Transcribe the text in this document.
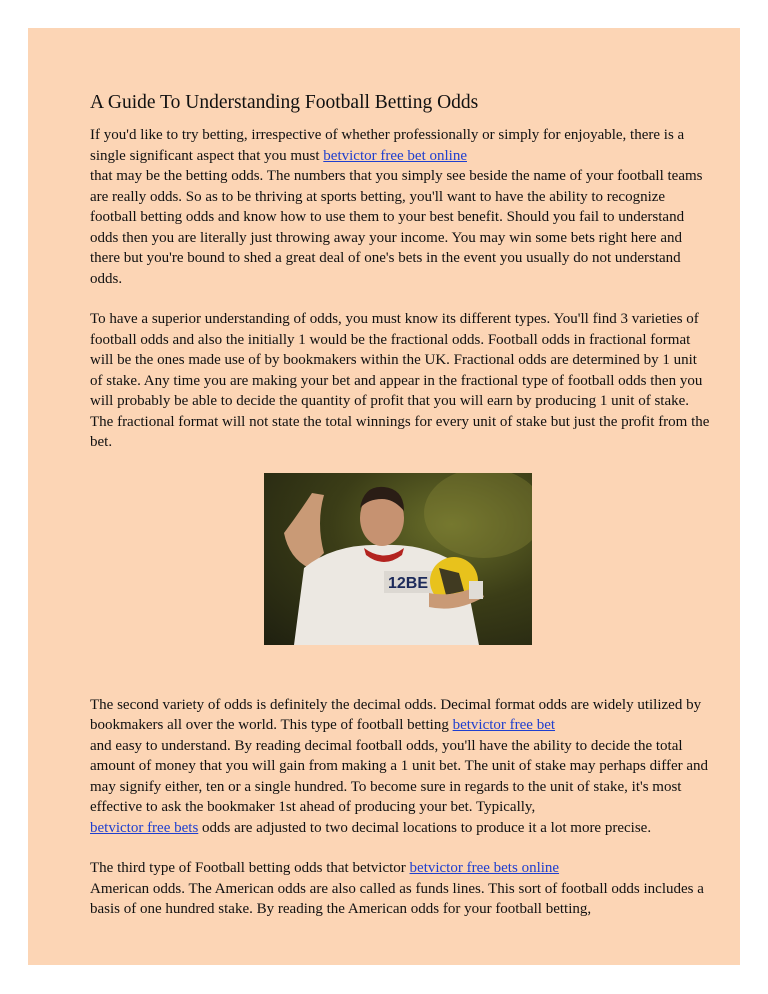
A Guide To Understanding Football Betting Odds

If you'd like to try betting, irrespective of whether professionally or simply for enjoyable, there is a single significant aspect that you must betvictor free bet online
that may be the betting odds. The numbers that you simply see beside the name of your football teams are really odds. So as to be thriving at sports betting, you'll want to have the ability to recognize football betting odds and know how to use them to your best benefit. Should you fail to understand odds then you are literally just throwing away your income. You may win some bets right here and there but you're bound to shed a great deal of one's bets in the event you usually do not understand odds.

To have a superior understanding of odds, you must know its different types. You'll find 3 varieties of football odds and also the initially 1 would be the fractional odds. Football odds in fractional format will be the ones made use of by bookmakers within the UK. Fractional odds are determined by 1 unit of stake. Any time you are making your bet and appear in the fractional type of football odds then you will probably be able to decide the quantity of profit that you will earn by producing 1 unit of stake. The fractional format will not state the total winnings for every unit of stake but just the profit from the bet.

12BE

The second variety of odds is definitely the decimal odds. Decimal format odds are widely utilized by bookmakers all over the world. This type of football betting betvictor free bet
and easy to understand. By reading decimal football odds, you'll have the ability to decide the total amount of money that you will gain from making a 1 unit bet. The unit of stake may perhaps differ and may signify either, ten or a single hundred. To become sure in regards to the unit of stake, it's most effective to ask the bookmaker 1st ahead of producing your bet. Typically,
betvictor free bets odds are adjusted to two decimal locations to produce it a lot more precise.

The third type of Football betting odds that betvictor betvictor free bets online
American odds. The American odds are also called as funds lines. This sort of football odds includes a basis of one hundred stake. By reading the American odds for your football betting,
